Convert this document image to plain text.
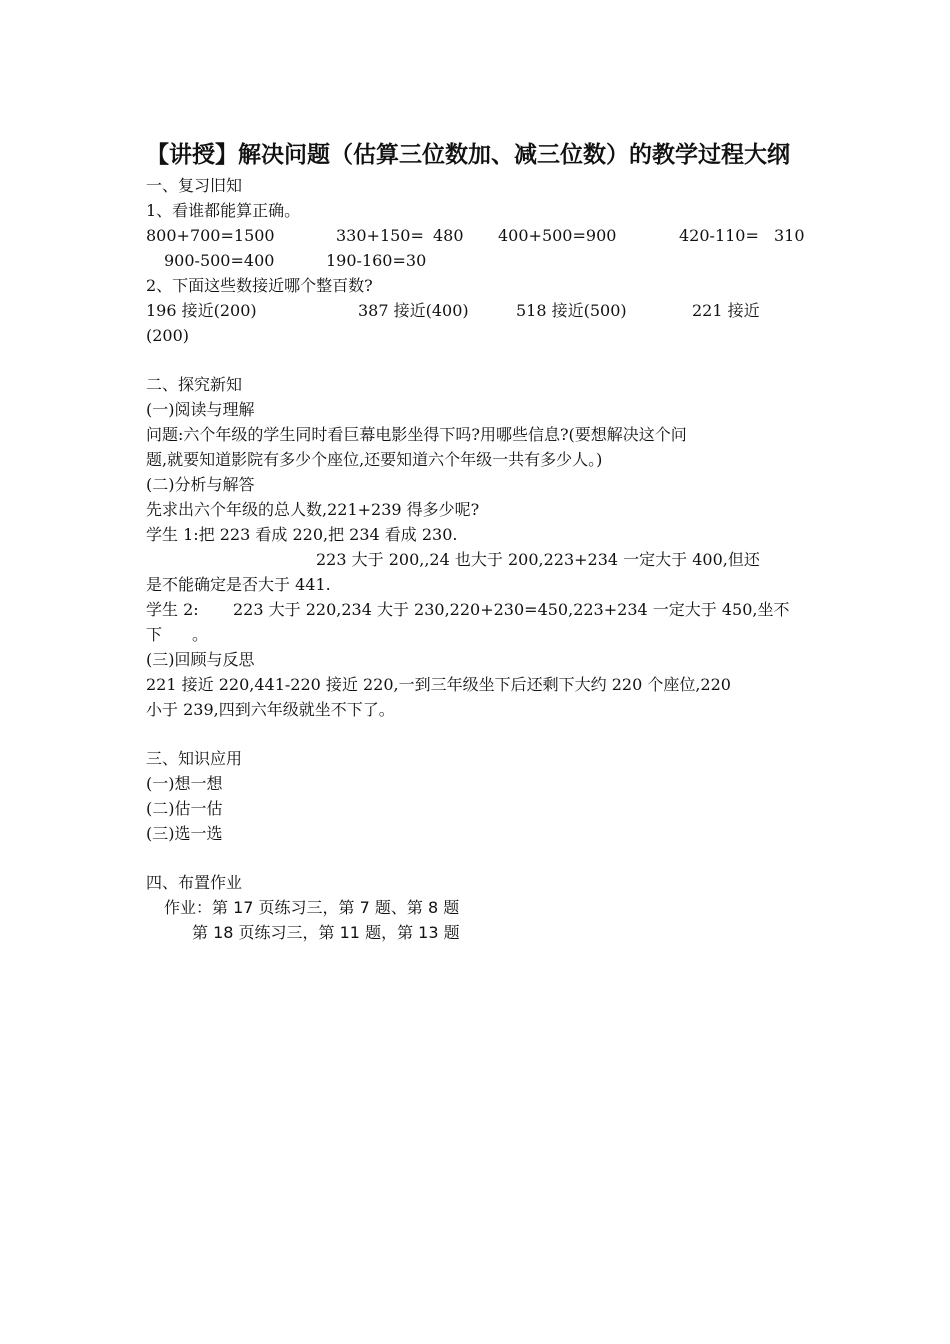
【讲授】解决问题（估算三位数加、减三位数）的教学过程大纲
一、复习旧知
1、看谁都能算正确。
800+700=1500	330+150= 480 400+500=900	420-110= 310
900-500=400	190-160=30
2、下面这些数接近哪个整百数?
196 接近(200)	387 接近(400)	518 接近(500)	221 接近
(200)
二、探究新知
(一)阅读与理解
问题:六个年级的学生同时看巨幕电影坐得下吗?用哪些信息?(要想解决这个问
题,就要知道影院有多少个座位,还要知道六个年级一共有多少人。)
(二)分析与解答
先求出六个年级的总人数,221+239 得多少呢?
学生 1:把 223 看成 220,把 234 看成 230.
223 大于 200,,24 也大于 200,223+234 一定大于 400,但还
是不能确定是否大于 441.
学生 2: 223 大于 220,234 大于 230,220+230=450,223+234 一定大于 450,坐不
下 。
(三)回顾与反思
221 接近 220,441-220 接近 220,一到三年级坐下后还剩下大约 220 个座位,220
小于 239,四到六年级就坐不下了。
三、知识应用
(一)想一想
(二)估一估
(三)选一选
四、布置作业
作业：第 17 页练习三，第 7 题、第 8 题
第 18 页练习三，第 11 题，第 13 题
